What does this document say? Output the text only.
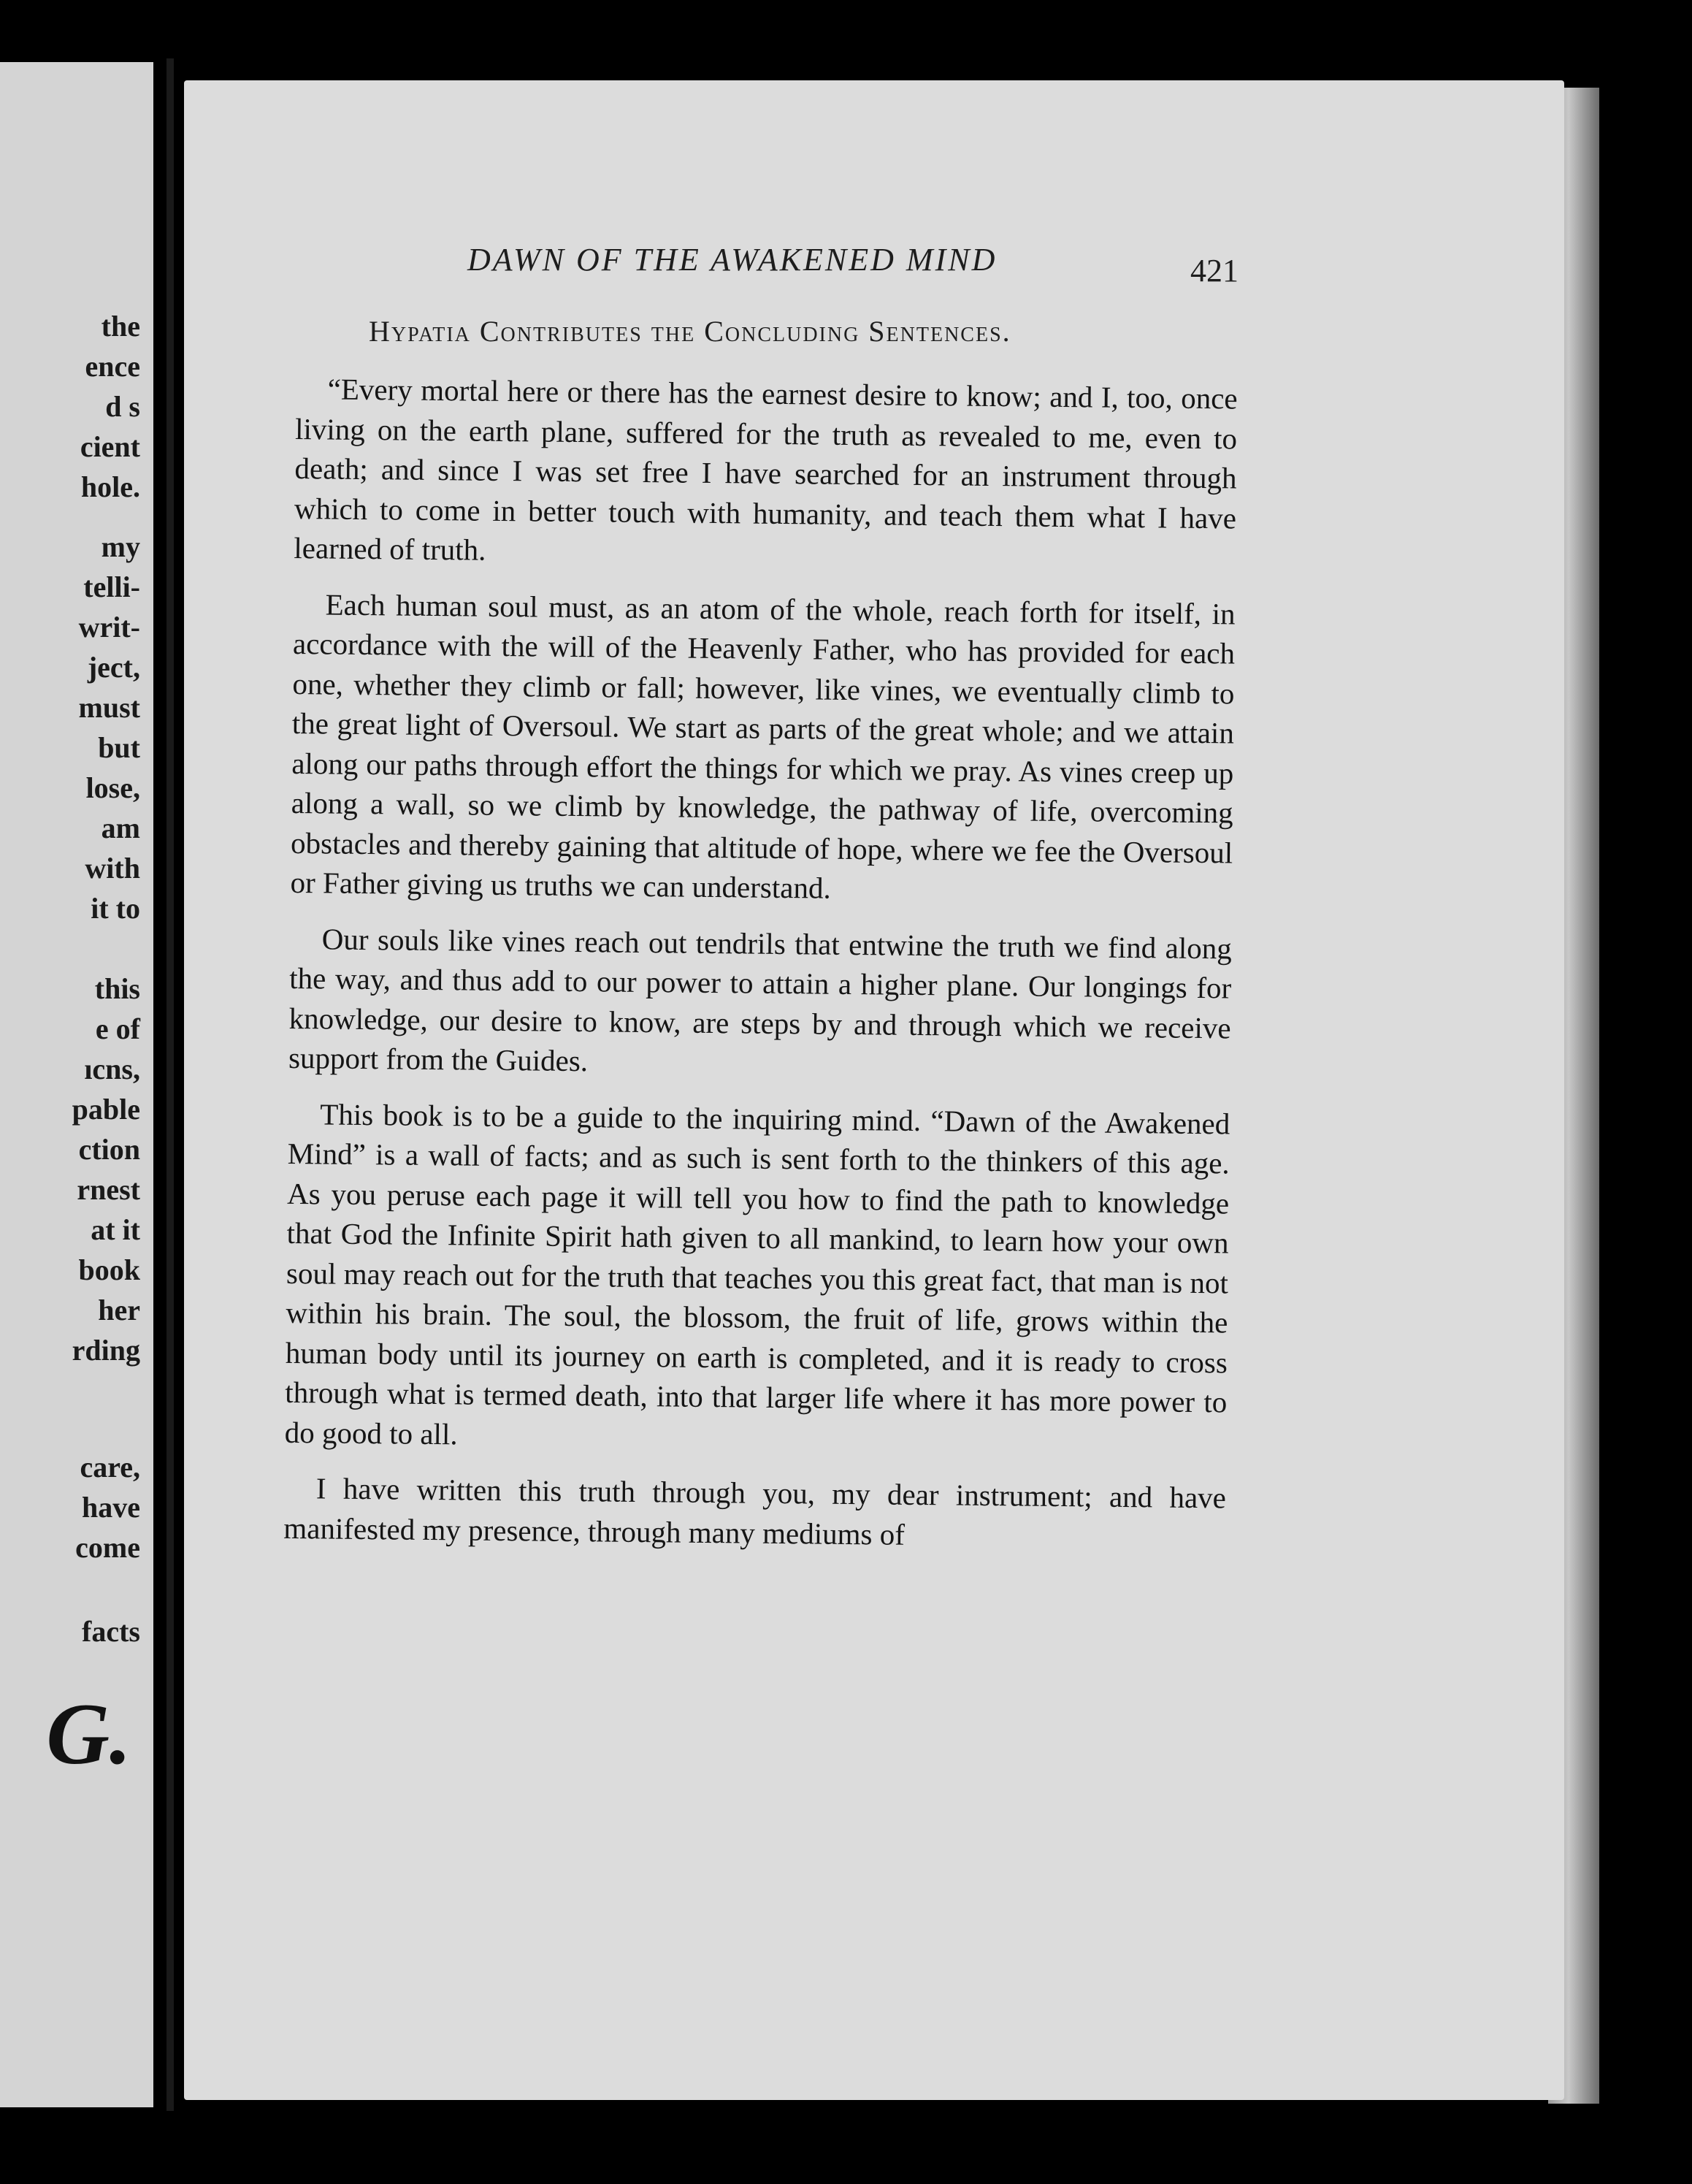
the
ence
d s
cient
hole.
my
telli-
writ-
ject,
must
but
lose,
am
with
it to
this
e of
ıcns,
pable
ction
rnest
at it
book
her
rding
care,
have
come
facts
G.
DAWN OF THE AWAKENED MIND	421
Hypatia Contributes the Concluding Sentences.

“Every mortal here or there has the earnest desire to know; and I, too, once living on the earth plane, suffered for the truth as revealed to me, even to death; and since I was set free I have searched for an instrument through which to come in better touch with humanity, and teach them what I have learned of truth.

Each human soul must, as an atom of the whole, reach forth for itself, in accordance with the will of the Heavenly Father, who has provided for each one, whether they climb or fall; however, like vines, we eventually climb to the great light of Oversoul. We start as parts of the great whole; and we attain along our paths through effort the things for which we pray. As vines creep up along a wall, so we climb by knowledge, the pathway of life, overcoming obstacles and thereby gaining that altitude of hope, where we fee the Oversoul or Father giving us truths we can understand.

Our souls like vines reach out tendrils that entwine the truth we find along the way, and thus add to our power to attain a higher plane. Our longings for knowledge, our desire to know, are steps by and through which we receive support from the Guides.

This book is to be a guide to the inquiring mind. “Dawn of the Awakened Mind” is a wall of facts; and as such is sent forth to the thinkers of this age. As you peruse each page it will tell you how to find the path to knowledge that God the Infinite Spirit hath given to all mankind, to learn how your own soul may reach out for the truth that teaches you this great fact, that man is not within his brain. The soul, the blossom, the fruit of life, grows within the human body until its journey on earth is completed, and it is ready to cross through what is termed death, into that larger life where it has more power to do good to all.

I have written this truth through you, my dear instrument; and have manifested my presence, through many mediums of
